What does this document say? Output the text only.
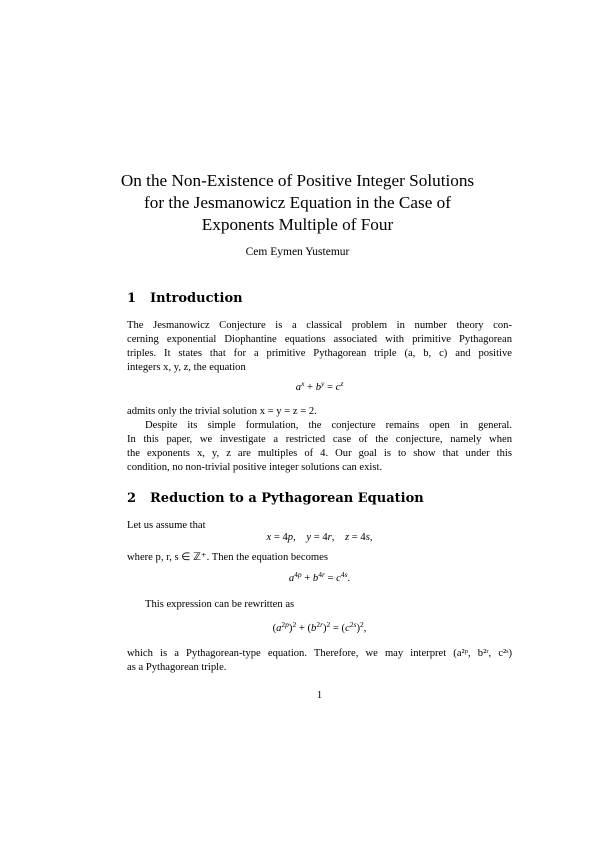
On the Non-Existence of Positive Integer Solutions
for the Jesmanowicz Equation in the Case of
Exponents Multiple of Four
Cem Eymen Yustemur
1 Introduction
The Jesmanowicz Conjecture is a classical problem in number theory con-
cerning exponential Diophantine equations associated with primitive Pythagorean
triples. It states that for a primitive Pythagorean triple (a, b, c) and positive
integers x, y, z, the equation
$a^x + b^y = c^z$
admits only the trivial solution x = y = z = 2.
Despite its simple formulation, the conjecture remains open in general.
In this paper, we investigate a restricted case of the conjecture, namely when
the exponents x, y, z are multiples of 4. Our goal is to show that under this
condition, no non-trivial positive integer solutions can exist.
2 Reduction to a Pythagorean Equation
Let us assume that
x = 4p,    y = 4r,    z = 4s,
where p, r, s ∈ ℤ⁺. Then the equation becomes
$a^{4p} + b^{4r} = c^{4s}$.
This expression can be rewritten as
$(a^{2p})^2 + (b^{2r})^2 = (c^{2s})^2$,
which is a Pythagorean-type equation. Therefore, we may interpret (a²ᵖ, b²ʳ, c²ˢ)
as a Pythagorean triple.
1
